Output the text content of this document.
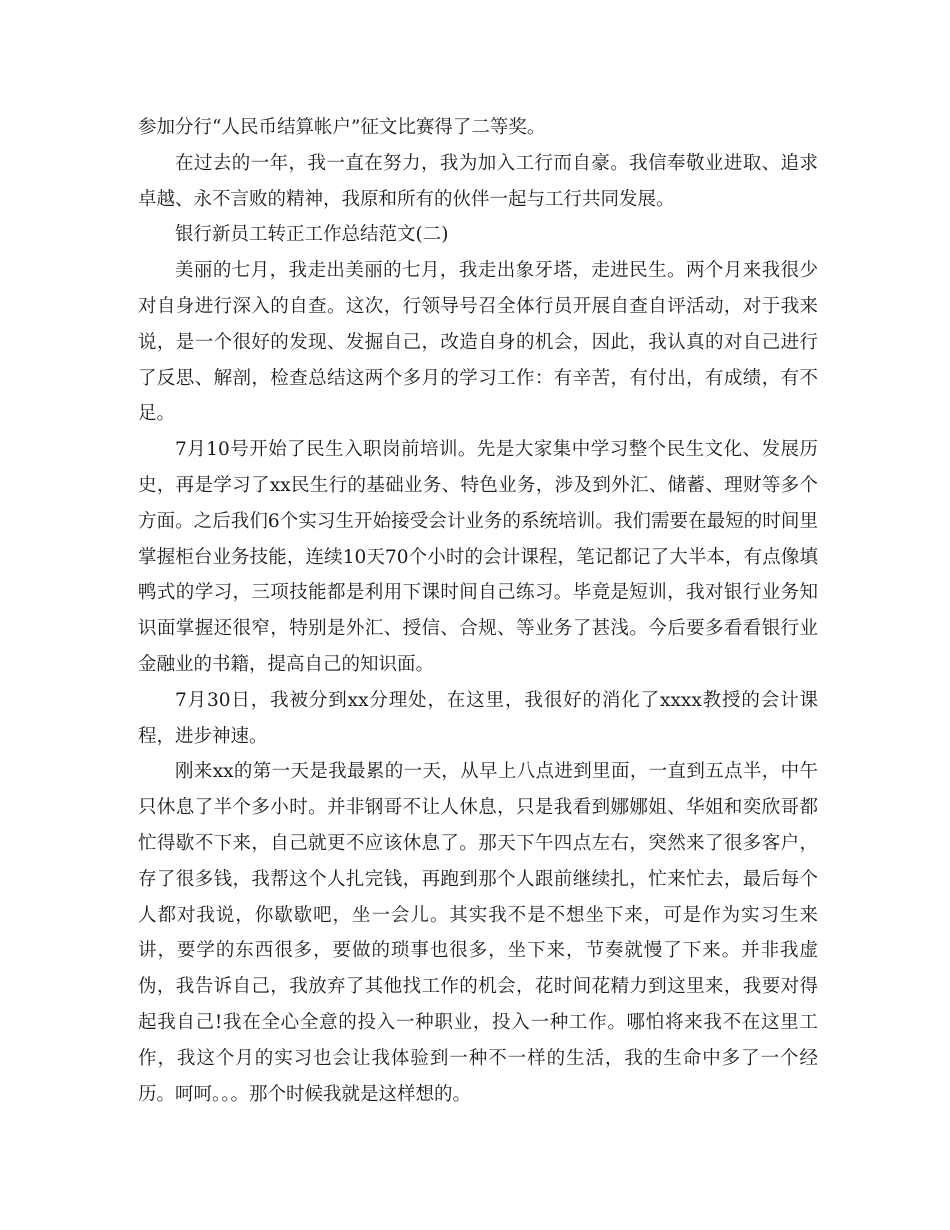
参加分行“人民币结算帐户”征文比赛得了二等奖。

在过去的一年，我一直在努力，我为加入工行而自豪。我信奉敬业进取、追求卓越、永不言败的精神，我原和所有的伙伴一起与工行共同发展。

银行新员工转正工作总结范文(二)

美丽的七月，我走出美丽的七月，我走出象牙塔，走进民生。两个月来我很少对自身进行深入的自查。这次，行领导号召全体行员开展自查自评活动，对于我来说，是一个很好的发现、发掘自己，改造自身的机会，因此，我认真的对自己进行了反思、解剖，检查总结这两个多月的学习工作：有辛苦，有付出，有成绩，有不足。

7月10号开始了民生入职岗前培训。先是大家集中学习整个民生文化、发展历史，再是学习了xx民生行的基础业务、特色业务，涉及到外汇、储蓄、理财等多个方面。之后我们6个实习生开始接受会计业务的系统培训。我们需要在最短的时间里掌握柜台业务技能，连续10天70个小时的会计课程，笔记都记了大半本，有点像填鸭式的学习，三项技能都是利用下课时间自己练习。毕竟是短训，我对银行业务知识面掌握还很窄，特别是外汇、授信、合规、等业务了甚浅。今后要多看看银行业金融业的书籍，提高自己的知识面。

7月30日，我被分到xx分理处，在这里，我很好的消化了xxxx教授的会计课程，进步神速。

刚来xx的第一天是我最累的一天，从早上八点进到里面，一直到五点半，中午只休息了半个多小时。并非钢哥不让人休息，只是我看到娜娜姐、华姐和奕欣哥都忙得歇不下来，自己就更不应该休息了。那天下午四点左右，突然来了很多客户，存了很多钱，我帮这个人扎完钱，再跑到那个人跟前继续扎，忙来忙去，最后每个人都对我说，你歇歇吧，坐一会儿。其实我不是不想坐下来，可是作为实习生来讲，要学的东西很多，要做的琐事也很多，坐下来，节奏就慢了下来。并非我虚伪，我告诉自己，我放弃了其他找工作的机会，花时间花精力到这里来，我要对得起我自己!我在全心全意的投入一种职业，投入一种工作。哪怕将来我不在这里工作，我这个月的实习也会让我体验到一种不一样的生活，我的生命中多了一个经历。呵呵。。。那个时候我就是这样想的。
